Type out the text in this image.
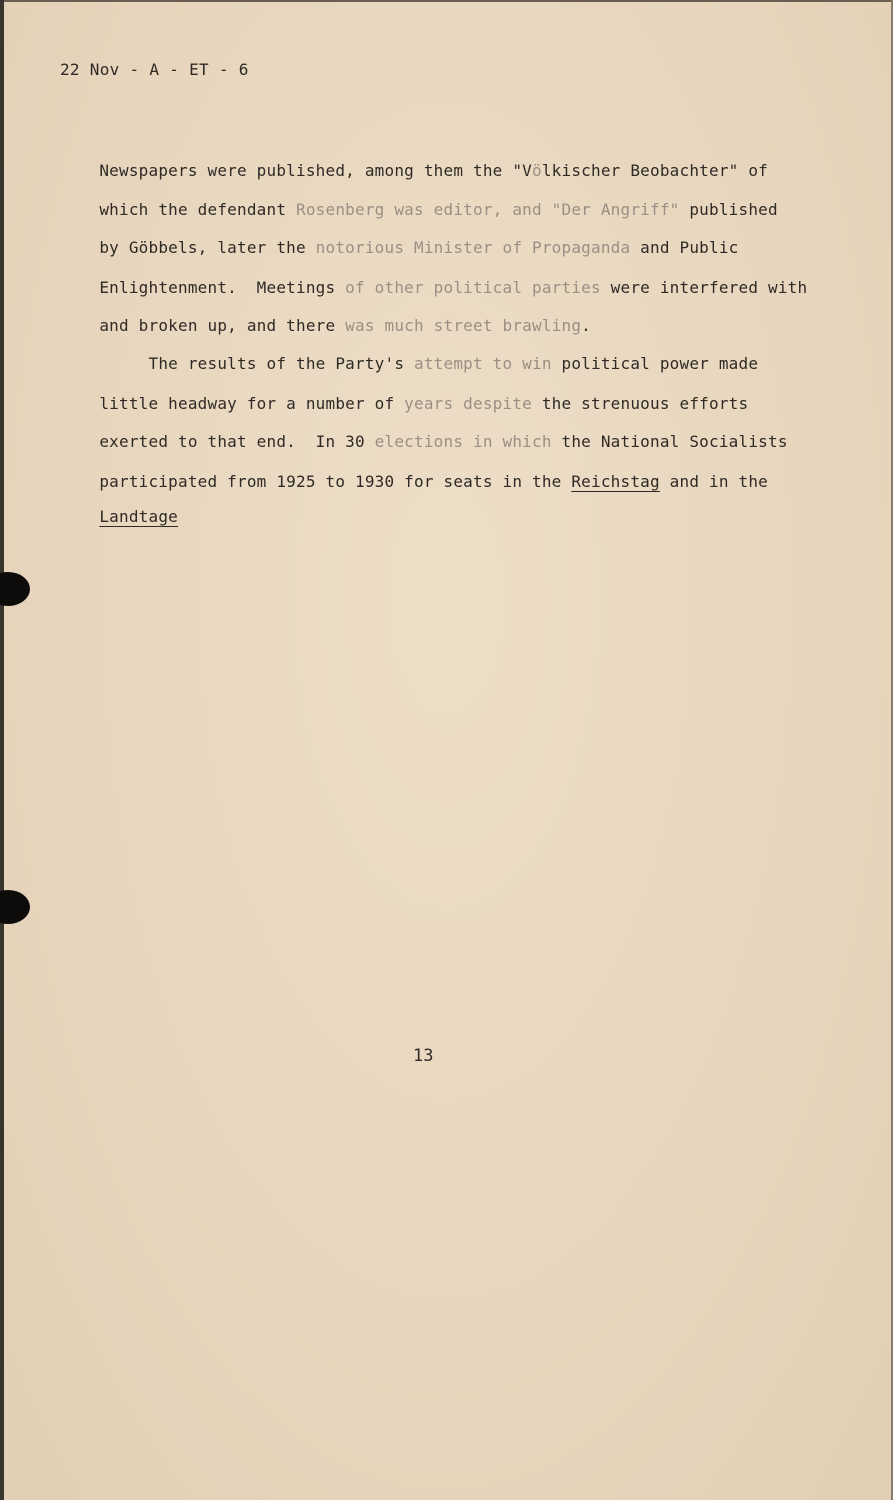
22 Nov - A - ET - 6

Newspapers were published, among them the "Völkischer Beobachter" of

which the defendant Rosenberg was editor, and "Der Angriff" published

by Göbbels, later the notorious Minister of Propaganda and Public

Enlightenment.  Meetings of other political parties were interfered with

and broken up, and there was much street brawling.

The results of the Party's attempt to win political power made

little headway for a number of years despite the strenuous efforts

exerted to that end.  In 30 elections in which the National Socialists

participated from 1925 to 1930 for seats in the Reichstag and in the

Landtage

13
